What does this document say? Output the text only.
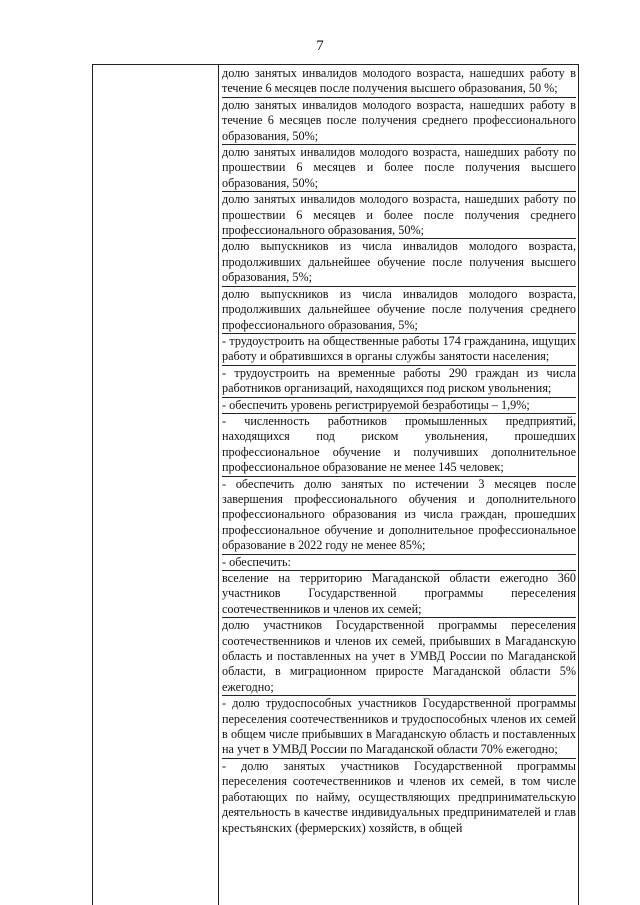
7

долю занятых инвалидов молодого возраста, нашедших работу в течение 6 месяцев после получения высшего образования, 50 %;

долю занятых инвалидов молодого возраста, нашедших работу в течение 6 месяцев после получения среднего профессионального образования, 50%;

долю занятых инвалидов молодого возраста, нашедших работу по прошествии 6 месяцев и более после получения высшего образования, 50%;

долю занятых инвалидов молодого возраста, нашедших работу по прошествии 6 месяцев и более после получения среднего профессионального образования, 50%;

долю выпускников из числа инвалидов молодого возраста, продолживших дальнейшее обучение после получения высшего образования, 5%;

долю выпускников из числа инвалидов молодого возраста, продолживших дальнейшее обучение после получения среднего профессионального образования, 5%;

- трудоустроить на общественные работы 174 гражданина, ищущих работу и обратившихся в органы службы занятости населения;

- трудоустроить на временные работы 290 граждан из числа работников организаций, находящихся под риском увольнения;

- обеспечить уровень регистрируемой безработицы – 1,9%;

- численность работников промышленных предприятий, находящихся под риском увольнения, прошедших профессиональное обучение и получивших дополнительное профессиональное образование не менее 145 человек;

- обеспечить долю занятых по истечении 3 месяцев после завершения профессионального обучения и дополнительного профессионального образования из числа граждан, прошедших профессиональное обучение и дополнительное профессиональное образование в 2022 году не менее 85%;

- обеспечить:

вселение на территорию Магаданской области ежегодно 360 участников Государственной программы переселения соотечественников и членов их семей;

долю участников Государственной программы переселения соотечественников и членов их семей, прибывших в Магаданскую область и поставленных на учет в УМВД России по Магаданской области, в миграционном приросте Магаданской области 5% ежегодно;

- долю трудоспособных участников Государственной программы переселения соотечественников и трудоспособных членов их семей в общем числе прибывших в Магаданскую область и поставленных на учет в УМВД России по Магаданской области 70% ежегодно;

- долю занятых участников Государственной программы переселения соотечественников и членов их семей, в том числе работающих по найму, осуществляющих предпринимательскую деятельность в качестве индивидуальных предпринимателей и глав крестьянских (фермерских) хозяйств, в общей
